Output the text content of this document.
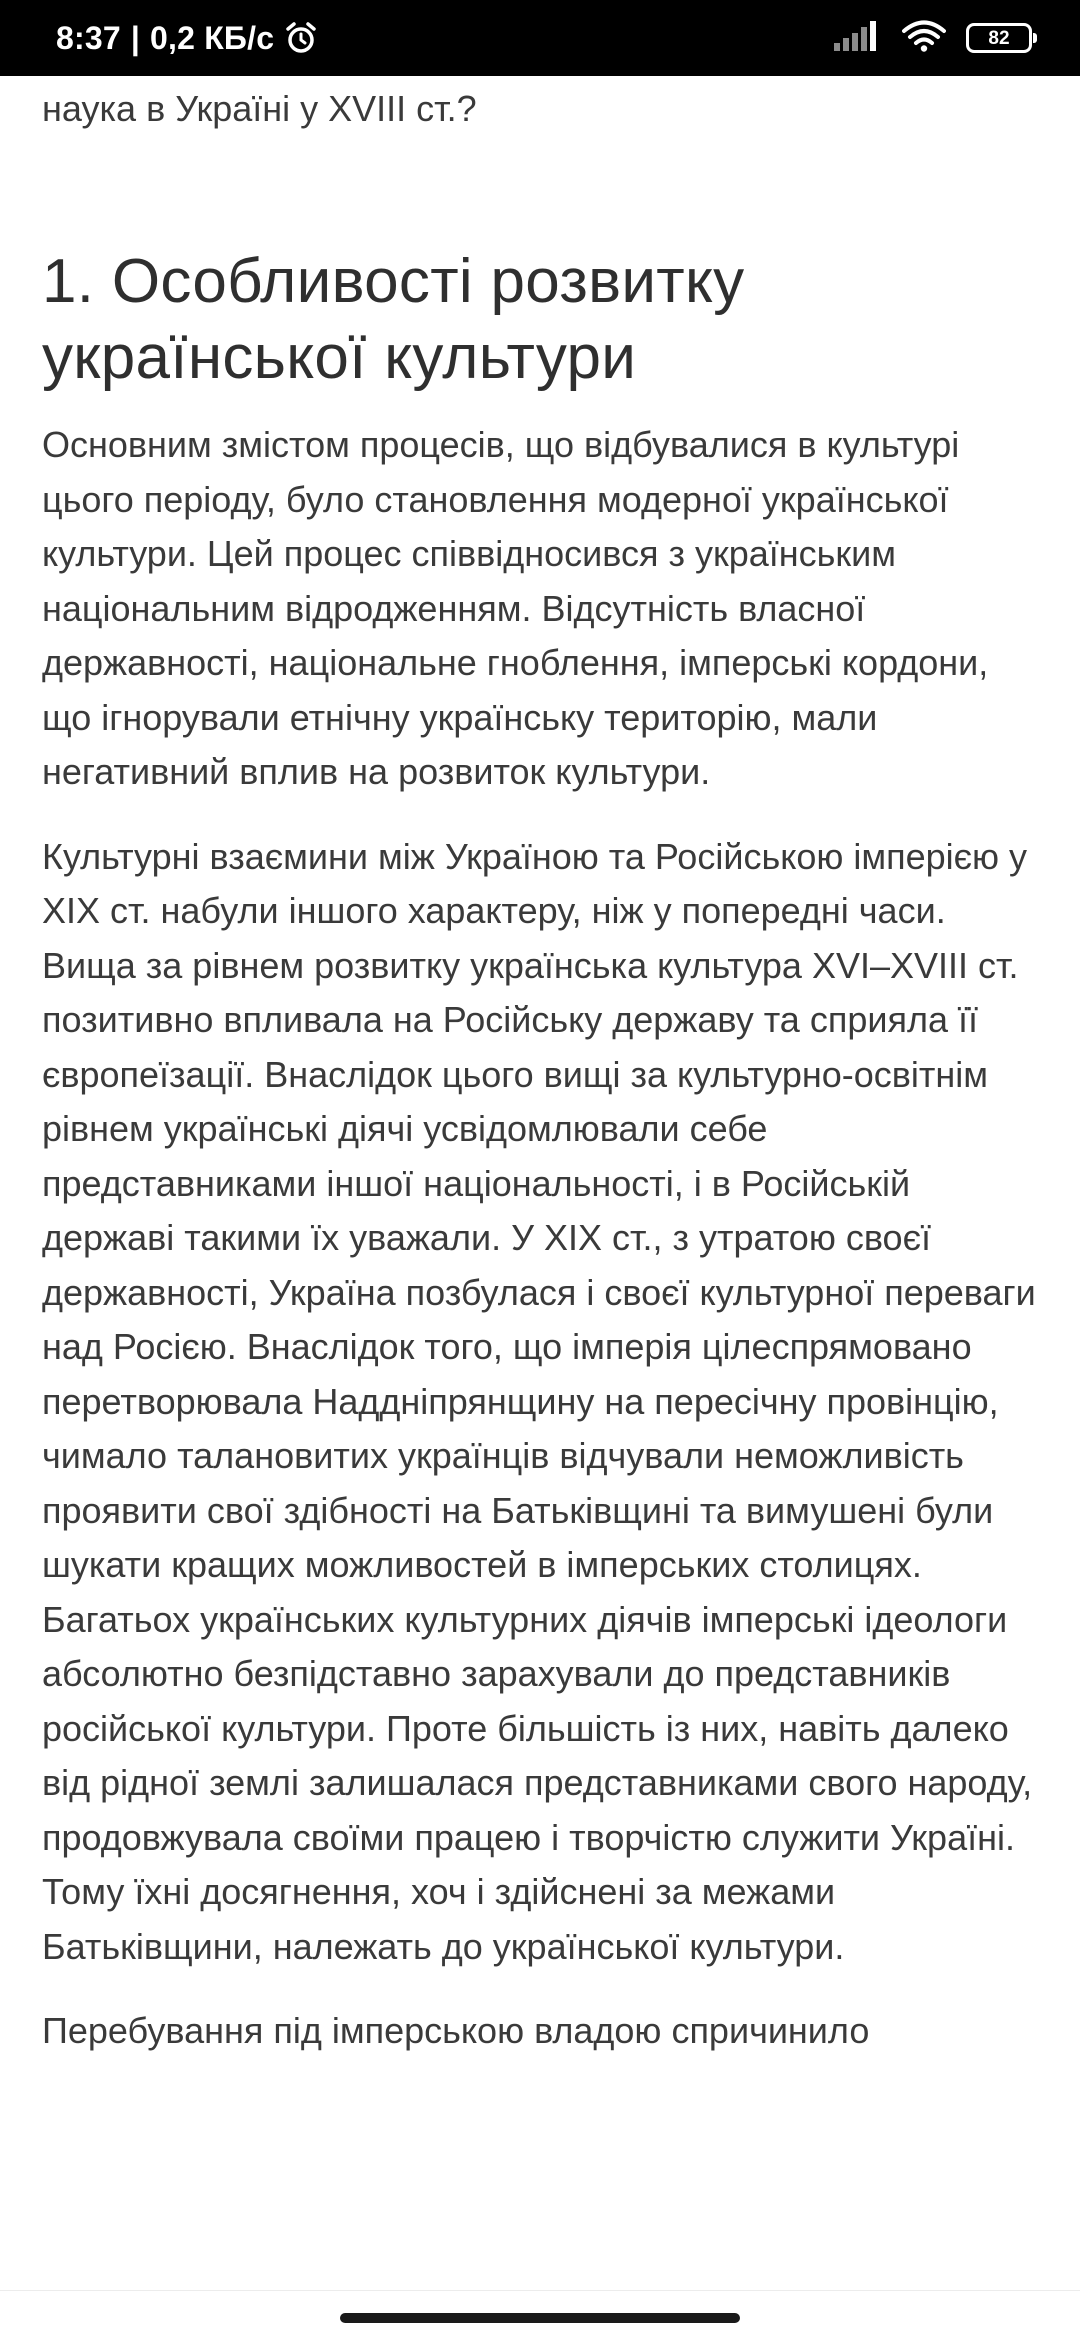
8:37 | 0,2 КБ/с	82

наука в Україні у XVIII ст.?

1. Особливості розвитку української культури

Основним змістом процесів, що відбувалися в культурі цього періоду, було становлення модерної української культури. Цей процес співвідносився з українським національним відродженням. Відсутність власної державності, національне гноблення, імперські кордони, що ігнорували етнічну українську територію, мали негативний вплив на розвиток культури.

Культурні взаємини між Україною та Російською імперією у XIX ст. набули іншого характеру, ніж у попередні часи. Вища за рівнем розвитку українська культура XVI–XVIII ст. позитивно впливала на Російську державу та сприяла її європеїзації. Внаслідок цього вищі за культурно-освітнім рівнем українські діячі усвідомлювали себе представниками іншої національності, і в Російській державі такими їх уважали. У XIX ст., з утратою своєї державності, Україна позбулася і своєї культурної переваги над Росією. Внаслідок того, що імперія цілеспрямовано перетворювала Наддніпрянщину на пересічну провінцію, чимало талановитих українців відчували неможливість проявити свої здібності на Батьківщині та вимушені були шукати кращих можливостей в імперських столицях. Багатьох українських культурних діячів імперські ідеологи абсолютно безпідставно зарахували до представників російської культури. Проте більшість із них, навіть далеко від рідної землі залишалася представниками свого народу, продовжувала своїми працею і творчістю служити Україні. Тому їхні досягнення, хоч і здійснені за межами Батьківщини, належать до української культури.

Перебування під імперською владою спричинило
